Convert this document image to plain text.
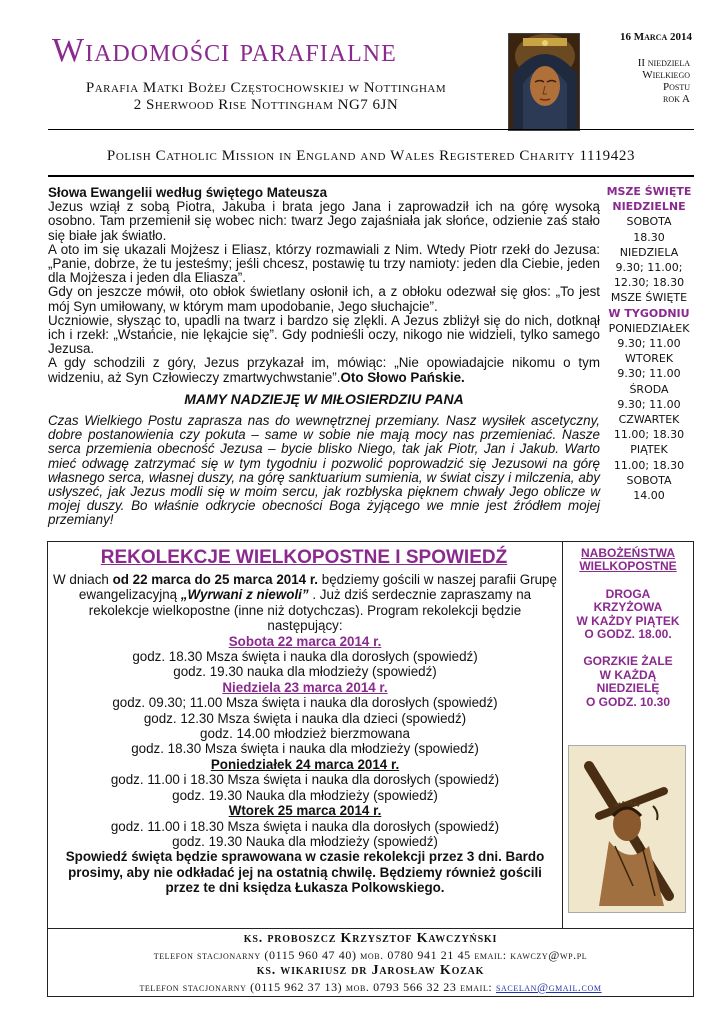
Wiadomości parafialne
Parafia Matki Bożej Częstochowskiej w Nottingham
2 Sherwood Rise Nottingham NG7 6JN
16 Marca 2014
II niedziela
Wielkiego
Postu
rok A
Polish Catholic Mission in England and Wales Registered Charity 1119423
Słowa Ewangelii według świętego Mateusza

Jezus wziął z sobą Piotra, Jakuba i brata jego Jana i zaprowadził ich na górę wysoką osobno. Tam przemienił się wobec nich: twarz Jego zajaśniała jak słońce, odzienie zaś stało się białe jak światło.

A oto im się ukazali Mojżesz i Eliasz, którzy rozmawiali z Nim. Wtedy Piotr rzekł do Jezusa: „Panie, dobrze, że tu jesteśmy; jeśli chcesz, postawię tu trzy namioty: jeden dla Ciebie, jeden dla Mojżesza i jeden dla Eliasza”.

Gdy on jeszcze mówił, oto obłok świetlany osłonił ich, a z obłoku odezwał się głos: „To jest mój Syn umiłowany, w którym mam upodobanie, Jego słuchajcie”.

Uczniowie, słysząc to, upadli na twarz i bardzo się zlękli. A Jezus zbliżył się do nich, dotknął ich i rzekł: „Wstańcie, nie lękajcie się”. Gdy podnieśli oczy, nikogo nie widzieli, tylko samego Jezusa.

A gdy schodzili z góry, Jezus przykazał im, mówiąc: „Nie opowiadajcie nikomu o tym widzeniu, aż Syn Człowieczy zmartwychwstanie”.Oto Słowo Pańskie.

MAMY NADZIEJĘ W MIŁOSIERDZIU PANA
Czas Wielkiego Postu zaprasza nas do wewnętrznej przemiany. Nasz wysiłek ascetyczny, dobre postanowienia czy pokuta – same w sobie nie mają mocy nas przemieniać. Nasze serca przemienia obecność Jezusa – bycie blisko Niego, tak jak Piotr, Jan i Jakub. Warto mieć odwagę zatrzymać się w tym tygodniu i pozwolić poprowadzić się Jezusowi na górę własnego serca, własnej duszy, na górę sanktuarium sumienia, w świat ciszy i milczenia, aby usłyszeć, jak Jezus modli się w moim sercu, jak rozbłyska pięknem chwały Jego oblicze w mojej duszy. Bo właśnie odkrycie obecności Boga żyjącego we mnie jest źródłem mojej przemiany!
MSZE ŚWIĘTE
NIEDZIELNE
SOBOTA
18.30
NIEDZIELA
9.30; 11.00;
12.30; 18.30
MSZE ŚWIĘTE
W TYGODNIU
PONIEDZIAŁEK
9.30; 11.00
WTOREK
9.30; 11.00
ŚRODA
9.30; 11.00
CZWARTEK
11.00; 18.30
PIĄTEK
11.00; 18.30
SOBOTA
14.00
REKOLEKCJE WIELKOPOSTNE I SPOWIEDŹ
W dniach od 22 marca do 25 marca 2014 r. będziemy gościli w naszej parafii Grupę ewangelizacyjną „Wyrwani z niewoli” . Już dziś serdecznie zapraszamy na rekolekcje wielkopostne (inne niż dotychczas). Program rekolekcji będzie następujący:
Sobota 22 marca 2014 r.
godz. 18.30 Msza święta i nauka dla dorosłych (spowiedź)
godz. 19.30 nauka dla młodzieży (spowiedź)
Niedziela 23 marca 2014 r.
godz. 09.30; 11.00 Msza święta i nauka dla dorosłych (spowiedź)
godz. 12.30 Msza święta i nauka dla dzieci (spowiedź)
godz. 14.00 młodzież bierzmowana
godz. 18.30 Msza święta i nauka dla młodzieży (spowiedź)
Poniedziałek 24 marca 2014 r.
godz. 11.00 i 18.30 Msza święta i nauka dla dorosłych (spowiedź)
godz. 19.30 Nauka dla młodzieży (spowiedź)
Wtorek 25 marca 2014 r.
godz. 11.00 i 18.30 Msza święta i nauka dla dorosłych (spowiedź)
godz. 19.30 Nauka dla młodzieży (spowiedź)
Spowiedź święta będzie sprawowana w czasie rekolekcji przez 3 dni. Bardo prosimy, aby nie odkładać jej na ostatnią chwilę. Będziemy również gościli przez te dni księdza Łukasza Polkowskiego.
NABOŻEŃSTWA
WIELKOPOSTNE
DROGA
KRZYŻOWA
W KAŻDY PIĄTEK
O GODZ. 18.00.
GORZKIE ŻALE
W KAŻDĄ
NIEDZIELĘ
O GODZ. 10.30
ks. proboszcz Krzysztof Kawczyński
telefon stacjonarny (0115 960 47 40) mob. 0780 941 21 45 email: kawczy@wp.pl
ks. wikariusz dr Jarosław Kozak
telefon stacjonarny (0115 962 37 13) mob. 0793 566 32 23 email: sacelan@gmail.com
